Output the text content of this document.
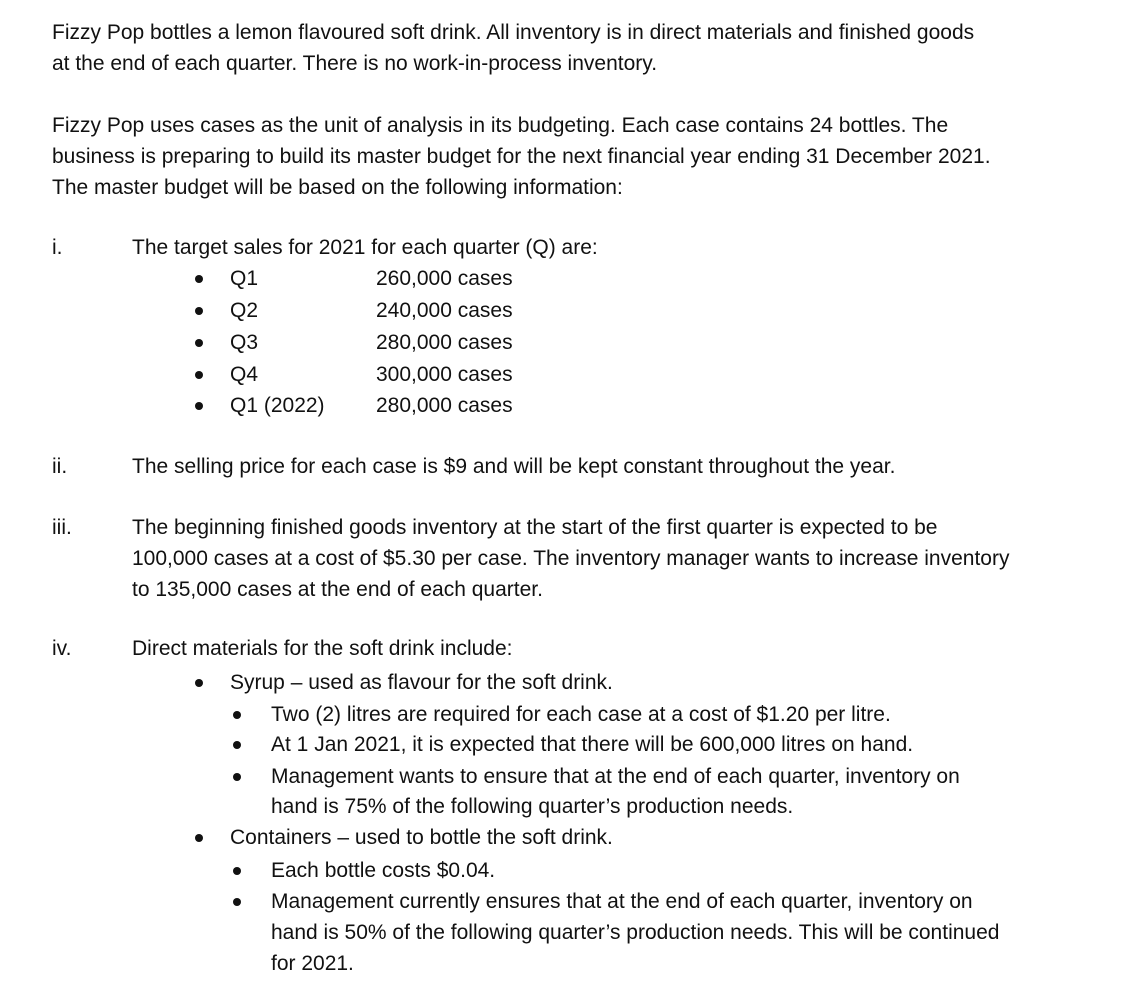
Fizzy Pop bottles a lemon flavoured soft drink. All inventory is in direct materials and finished goods
at the end of each quarter. There is no work-in-process inventory.

Fizzy Pop uses cases as the unit of analysis in its budgeting. Each case contains 24 bottles. The
business is preparing to build its master budget for the next financial year ending 31 December 2021.
The master budget will be based on the following information:

i.	The target sales for 2021 for each quarter (Q) are:
Q1	260,000 cases
Q2	240,000 cases
Q3	280,000 cases
Q4	300,000 cases
Q1 (2022) 280,000 cases
ii.	The selling price for each case is $9 and will be kept constant throughout the year.
iii.	The beginning finished goods inventory at the start of the first quarter is expected to be
100,000 cases at a cost of $5.30 per case. The inventory manager wants to increase inventory
to 135,000 cases at the end of each quarter.
iv.	Direct materials for the soft drink include:
Syrup – used as flavour for the soft drink.
Two (2) litres are required for each case at a cost of $1.20 per litre.
At 1 Jan 2021, it is expected that there will be 600,000 litres on hand.
Management wants to ensure that at the end of each quarter, inventory on
hand is 75% of the following quarter’s production needs.
Containers – used to bottle the soft drink.
Each bottle costs $0.04.
Management currently ensures that at the end of each quarter, inventory on
hand is 50% of the following quarter’s production needs. This will be continued
for 2021.
